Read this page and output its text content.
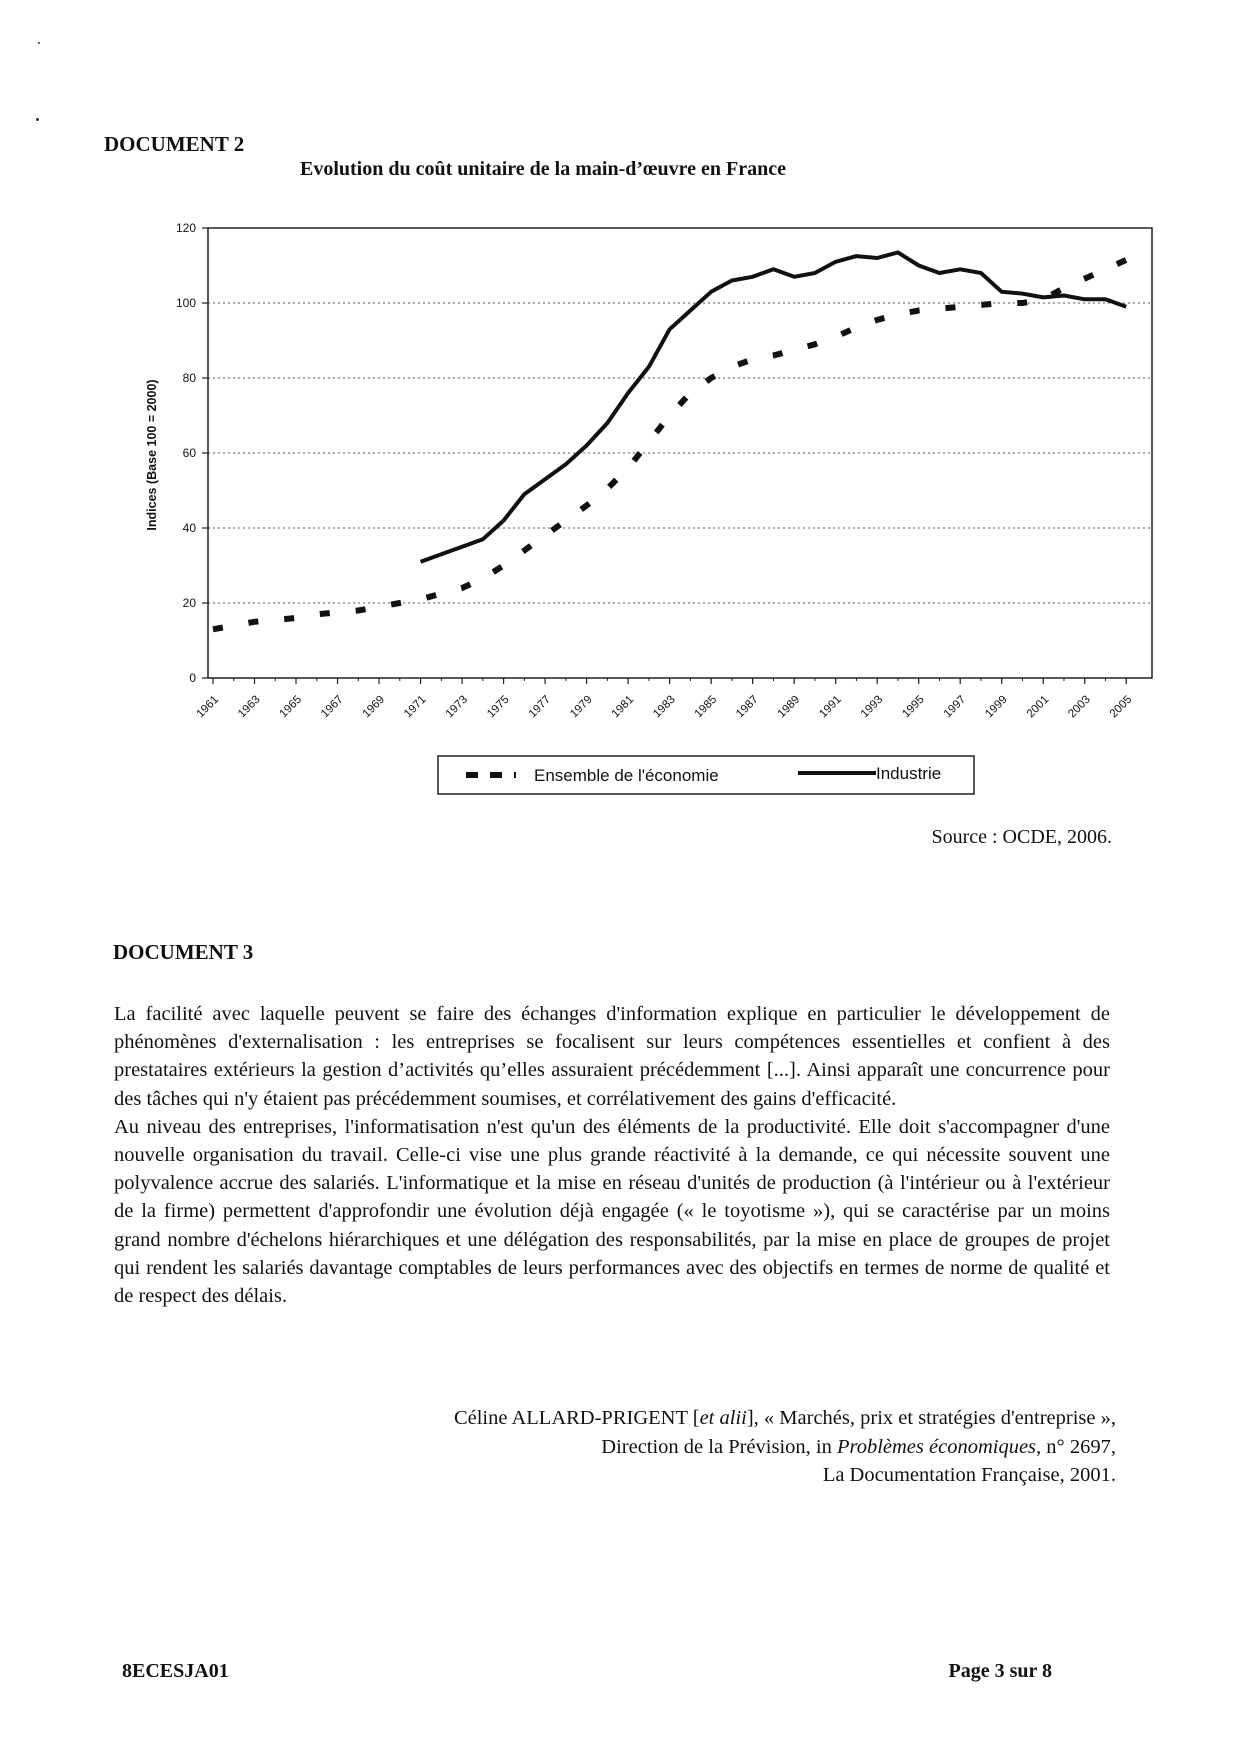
DOCUMENT 2
Evolution du coût unitaire de la main-d’œuvre en France
0
20
40
60
80
100
120
1961 1963 1965 1967 1969 1971 1973 1975 1977 1979 1981 1983 1985 1987 1989 1991 1993 1995 1997 1999 2001 2003 2005
Indices (Base 100 = 2000)
Ensemble de l'économie	Industrie

Source : OCDE, 2006.

DOCUMENT 3

La facilité avec laquelle peuvent se faire des échanges d'information explique en particulier le développement de phénomènes d'externalisation : les entreprises se focalisent sur leurs compétences essentielles et confient à des prestataires extérieurs la gestion d’activités qu’elles assuraient précédemment [...]. Ainsi apparaît une concurrence pour des tâches qui n'y étaient pas précédemment soumises, et corrélativement des gains d'efficacité.

Au niveau des entreprises, l'informatisation n'est qu'un des éléments de la productivité. Elle doit s'accompagner d'une nouvelle organisation du travail. Celle-ci vise une plus grande réactivité à la demande, ce qui nécessite souvent une polyvalence accrue des salariés. L'informatique et la mise en réseau d'unités de production (à l'intérieur ou à l'extérieur de la firme) permettent d'approfondir une évolution déjà engagée (« le toyotisme »), qui se caractérise par un moins grand nombre d'échelons hiérarchiques et une délégation des responsabilités, par la mise en place de groupes de projet qui rendent les salariés davantage comptables de leurs performances avec des objectifs en termes de norme de qualité et de respect des délais.

Céline ALLARD-PRIGENT [et alii], « Marchés, prix et stratégies d'entreprise »,
Direction de la Prévision, in Problèmes économiques, n° 2697,
La Documentation Française, 2001.

8ECESJA01	Page 3 sur 8
